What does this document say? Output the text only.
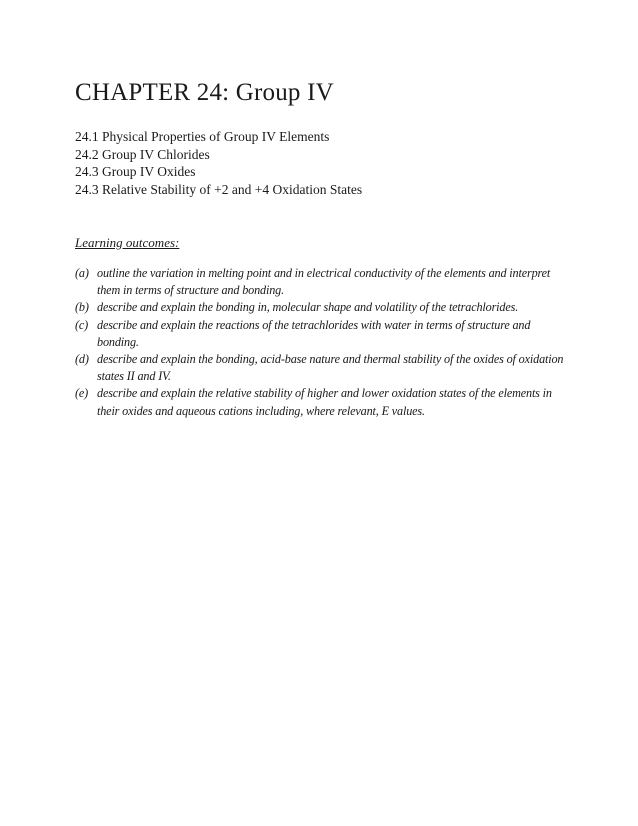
CHAPTER 24: Group IV
24.1 Physical Properties of Group IV Elements
24.2 Group IV Chlorides
24.3 Group IV Oxides
24.3 Relative Stability of +2 and +4 Oxidation States
Learning outcomes:
(a) outline the variation in melting point and in electrical conductivity of the elements and interpret them in terms of structure and bonding.
(b) describe and explain the bonding in, molecular shape and volatility of the tetrachlorides.
(c) describe and explain the reactions of the tetrachlorides with water in terms of structure and bonding.
(d) describe and explain the bonding, acid-base nature and thermal stability of the oxides of oxidation states II and IV.
(e) describe and explain the relative stability of higher and lower oxidation states of the elements in their oxides and aqueous cations including, where relevant, E values.
